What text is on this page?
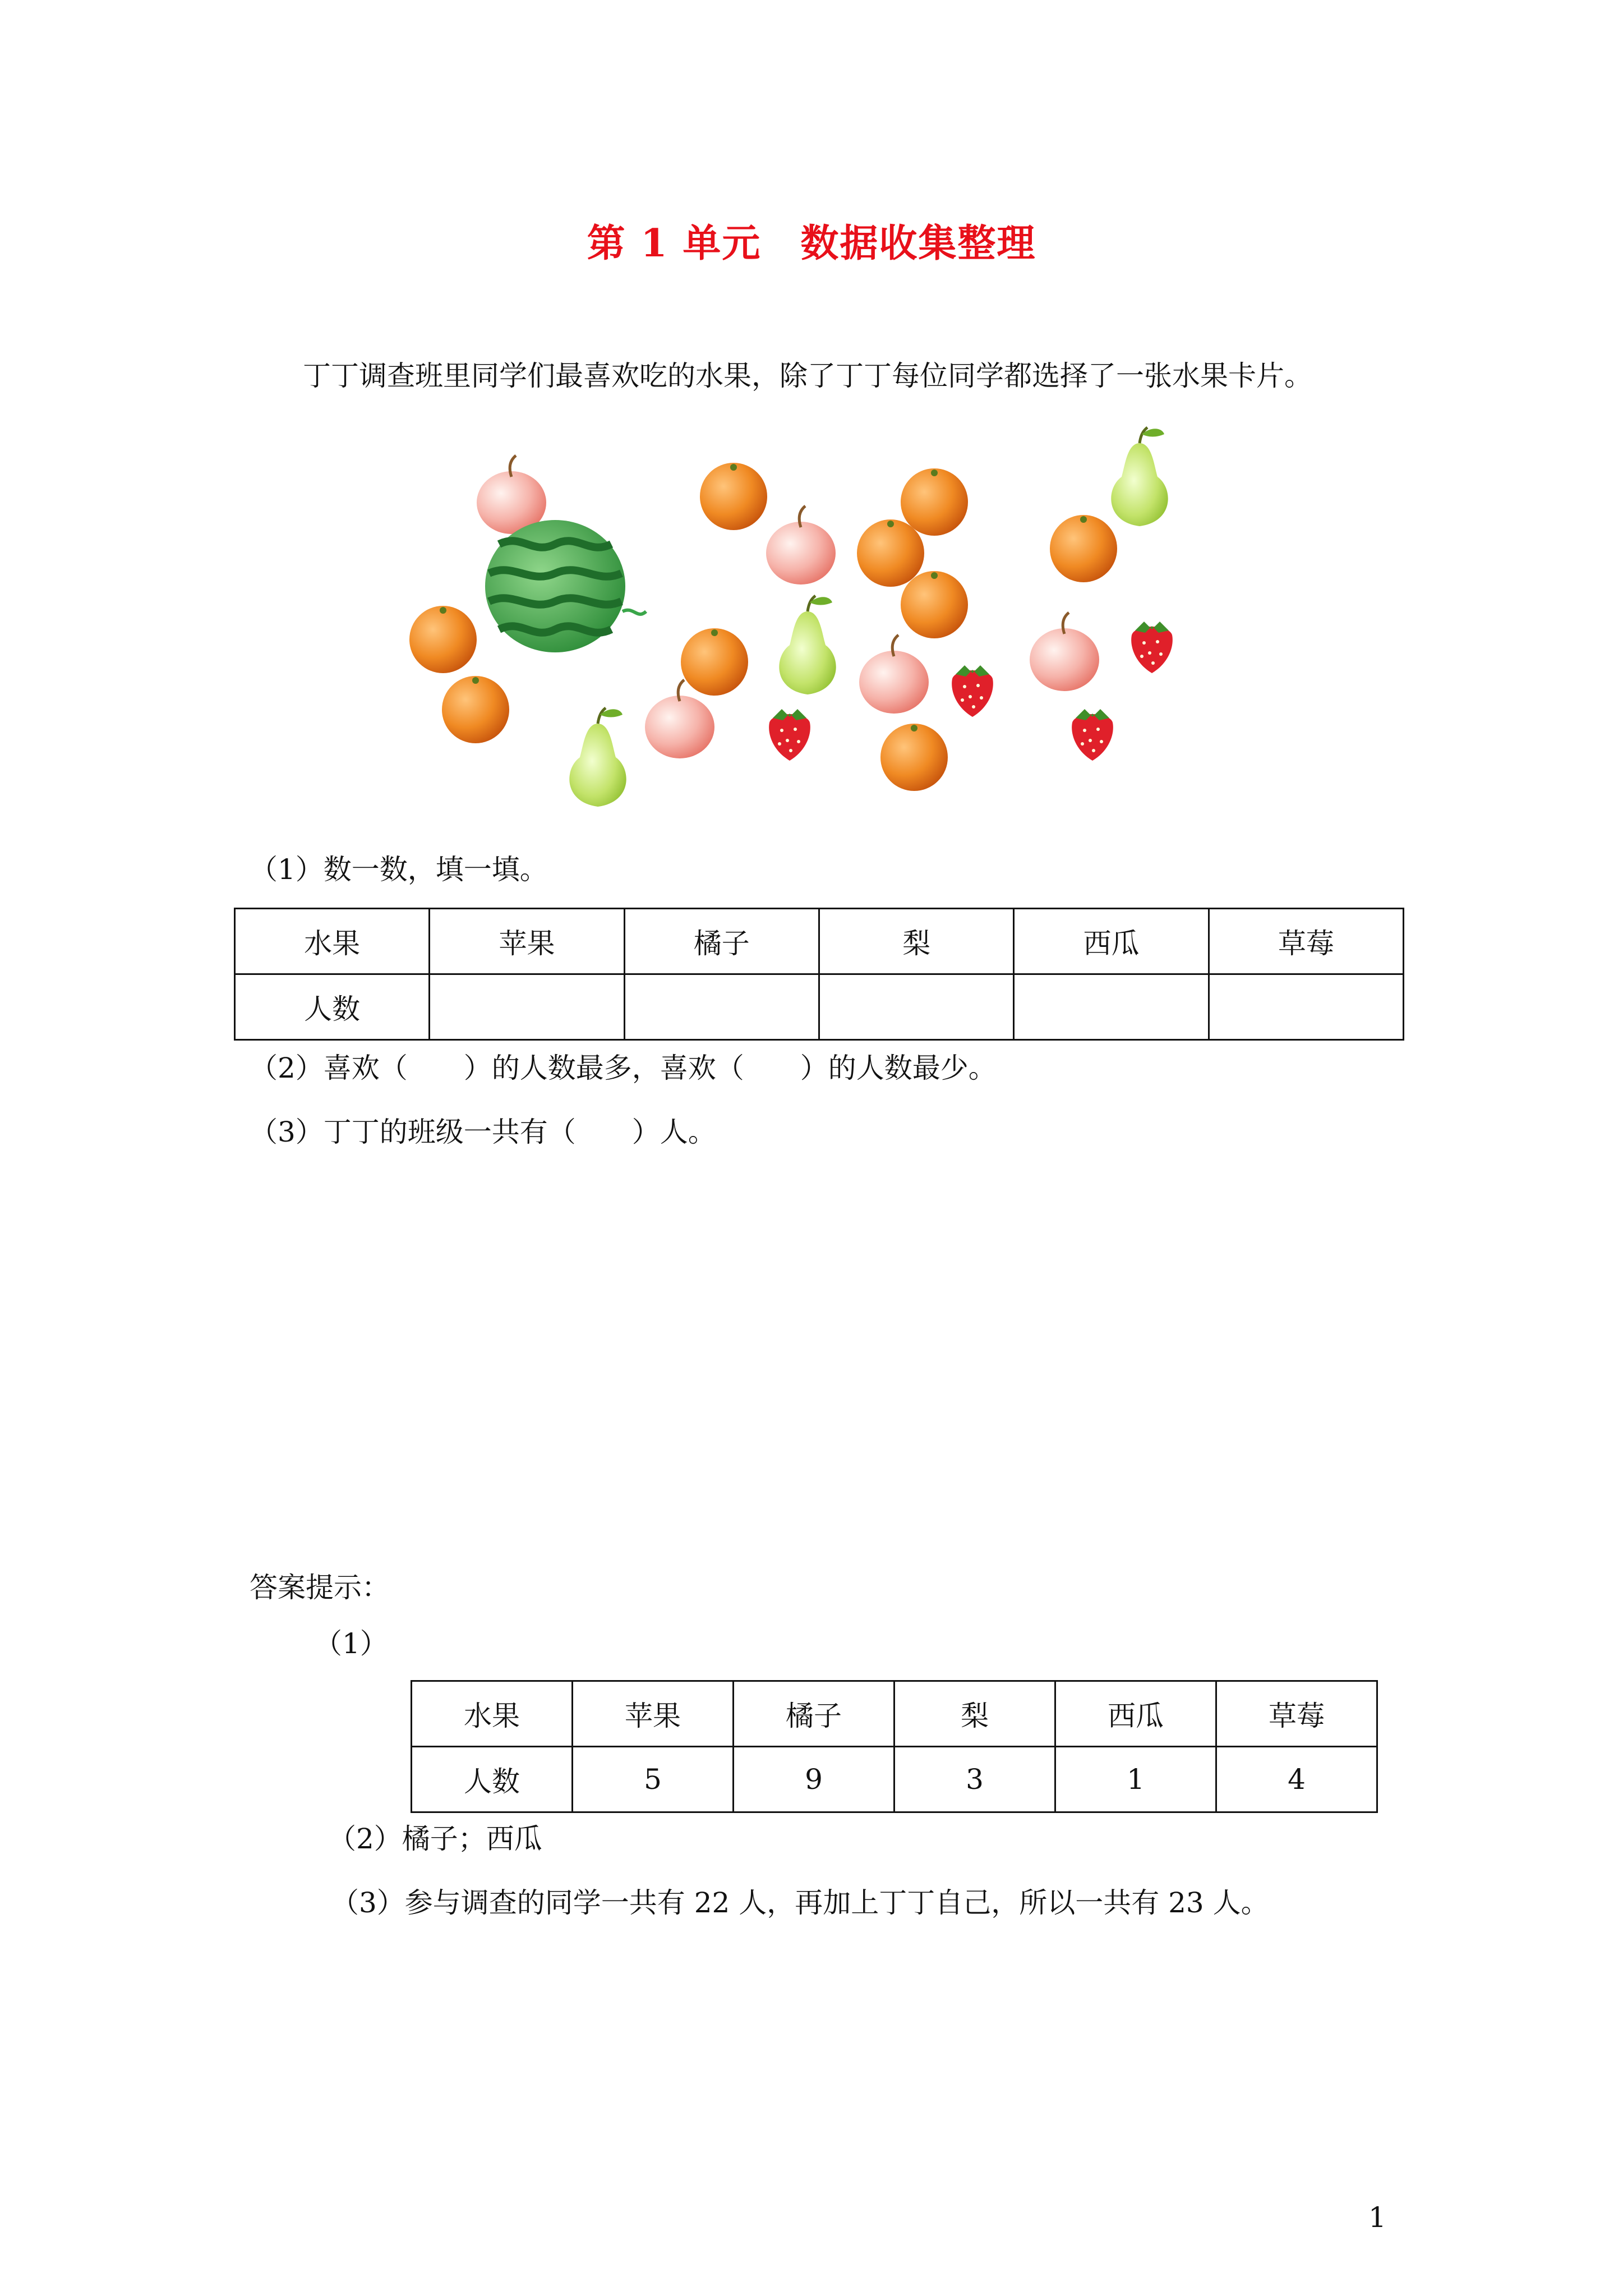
第 1 单元　数据收集整理
丁丁调查班里同学们最喜欢吃的水果，除了丁丁每位同学都选择了一张水果卡片。
（1）数一数，填一填。
水果	苹果	橘子	梨	西瓜	草莓
人数					
（2）喜欢（　　）的人数最多，喜欢（　　）的人数最少。
（3）丁丁的班级一共有（　　）人。
答案提示：
（1）
水果	苹果	橘子	梨	西瓜	草莓
人数	5	9	3	1	4
（2）橘子；西瓜
（3）参与调查的同学一共有 22 人，再加上丁丁自己，所以一共有 23 人。
1
